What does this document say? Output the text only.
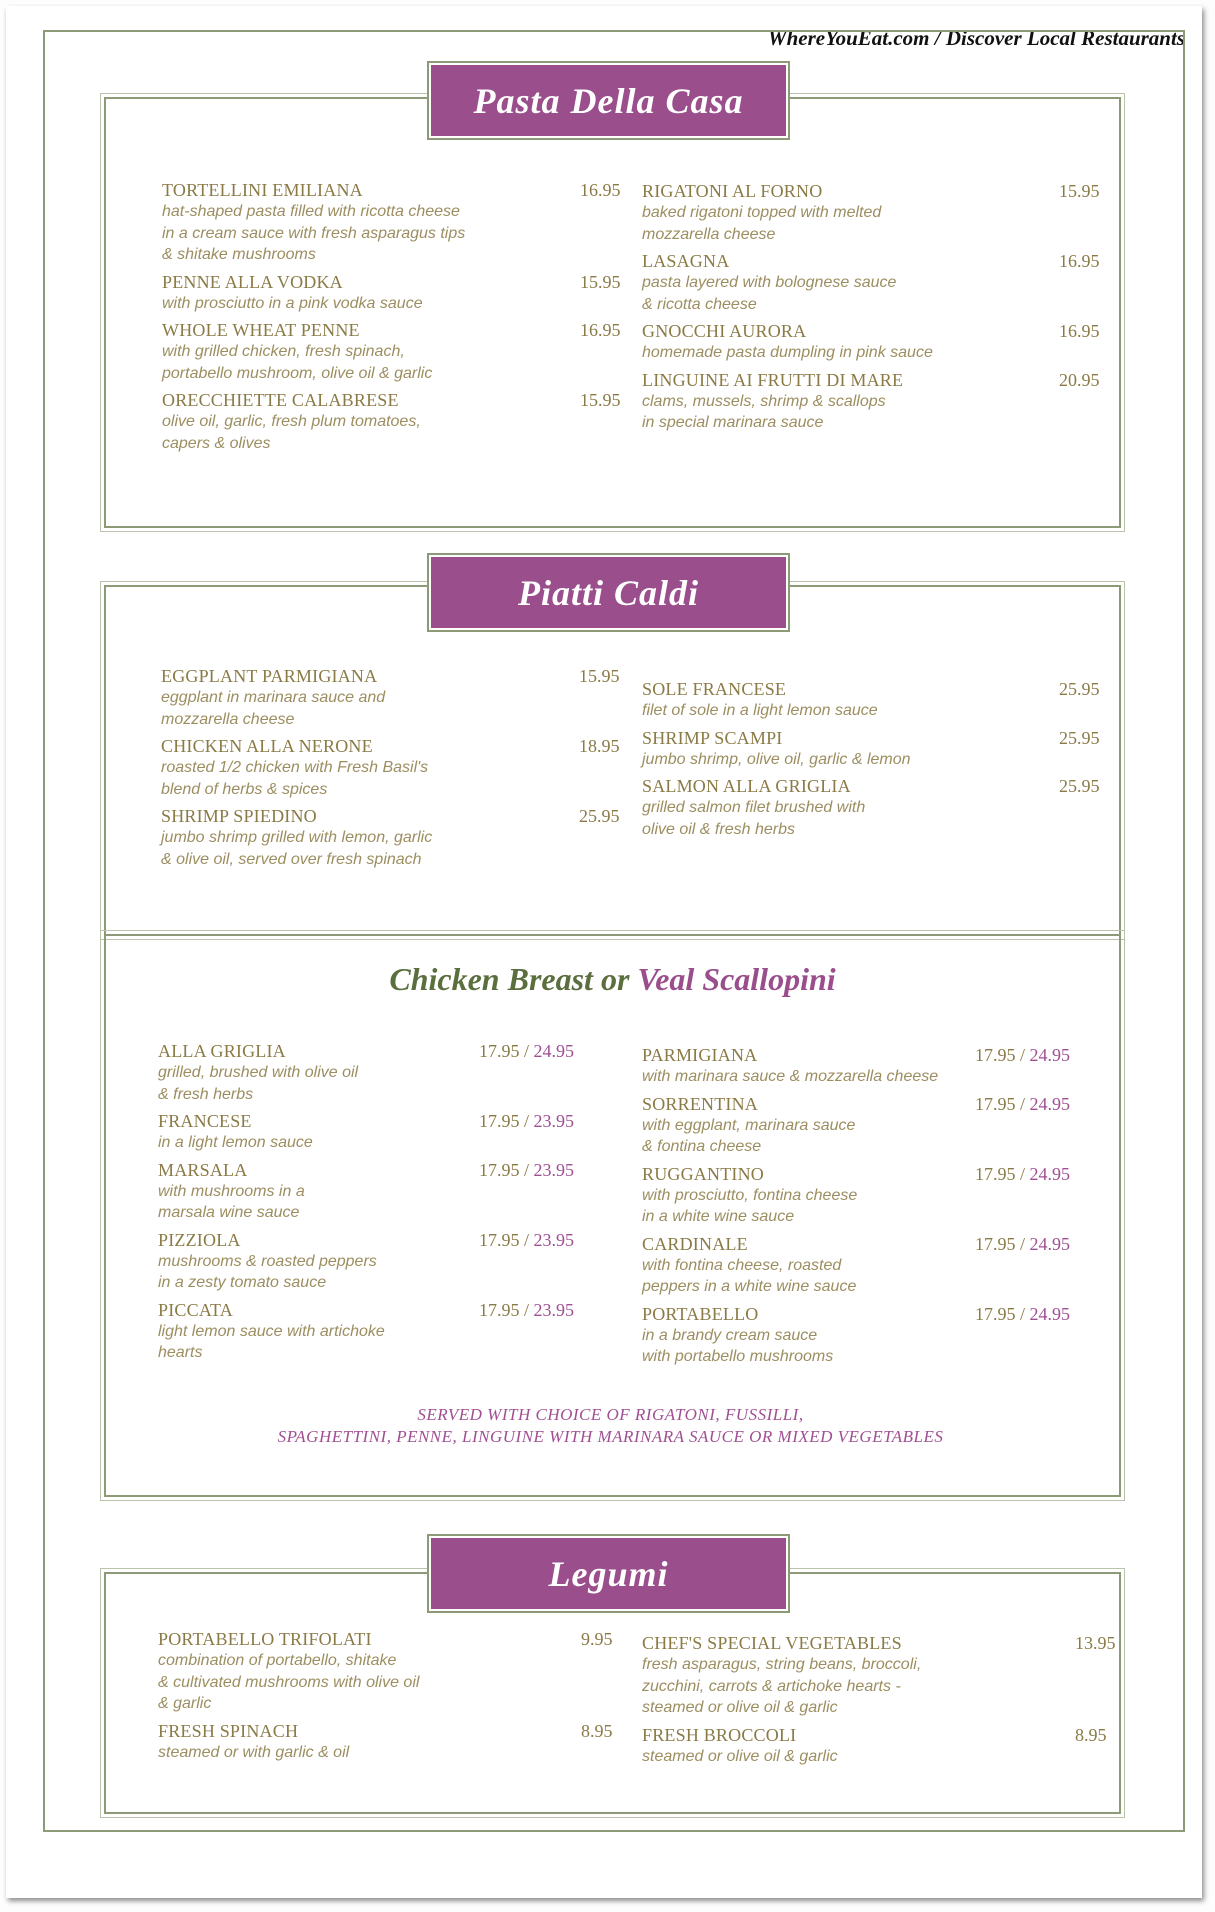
WhereYouEat.com / Discover Local Restaurants
Pasta Della Casa
TORTELLINI EMILIANA	16.95
hat-shaped pasta filled with ricotta cheese
in a cream sauce with fresh asparagus tips
& shitake mushrooms
PENNE ALLA VODKA	15.95
with prosciutto in a pink vodka sauce
WHOLE WHEAT PENNE	16.95
with grilled chicken, fresh spinach,
portabello mushroom, olive oil & garlic
ORECCHIETTE CALABRESE	15.95
olive oil, garlic, fresh plum tomatoes,
capers & olives
RIGATONI AL FORNO	15.95
baked rigatoni topped with melted
mozzarella cheese
LASAGNA	16.95
pasta layered with bolognese sauce
& ricotta cheese
GNOCCHI AURORA	16.95
homemade pasta dumpling in pink sauce
LINGUINE AI FRUTTI DI MARE	20.95
clams, mussels, shrimp & scallops
in special marinara sauce
Piatti Caldi
EGGPLANT PARMIGIANA	15.95
eggplant in marinara sauce and
mozzarella cheese
CHICKEN ALLA NERONE	18.95
roasted 1/2 chicken with Fresh Basil's
blend of herbs & spices
SHRIMP SPIEDINO	25.95
jumbo shrimp grilled with lemon, garlic
& olive oil, served over fresh spinach
SOLE FRANCESE	25.95
filet of sole in a light lemon sauce
SHRIMP SCAMPI	25.95
jumbo shrimp, olive oil, garlic & lemon
SALMON ALLA GRIGLIA	25.95
grilled salmon filet brushed with
olive oil & fresh herbs
Chicken Breast or Veal Scallopini
ALLA GRIGLIA	17.95 / 24.95
grilled, brushed with olive oil
& fresh herbs
FRANCESE	17.95 / 23.95
in a light lemon sauce
MARSALA	17.95 / 23.95
with mushrooms in a
marsala wine sauce
PIZZIOLA	17.95 / 23.95
mushrooms & roasted peppers
in a zesty tomato sauce
PICCATA	17.95 / 23.95
light lemon sauce with artichoke
hearts
PARMIGIANA	17.95 / 24.95
with marinara sauce & mozzarella cheese
SORRENTINA	17.95 / 24.95
with eggplant, marinara sauce
& fontina cheese
RUGGANTINO	17.95 / 24.95
with prosciutto, fontina cheese
in a white wine sauce
CARDINALE	17.95 / 24.95
with fontina cheese, roasted
peppers in a white wine sauce
PORTABELLO	17.95 / 24.95
in a brandy cream sauce
with portabello mushrooms
SERVED WITH CHOICE OF RIGATONI, FUSSILLI,
SPAGHETTINI, PENNE, LINGUINE WITH MARINARA SAUCE OR MIXED VEGETABLES
Legumi
PORTABELLO TRIFOLATI	9.95
combination of portabello, shitake
& cultivated mushrooms with olive oil
& garlic
FRESH SPINACH	8.95
steamed or with garlic & oil
CHEF'S SPECIAL VEGETABLES	13.95
fresh asparagus, string beans, broccoli,
zucchini, carrots & artichoke hearts -
steamed or olive oil & garlic
FRESH BROCCOLI	8.95
steamed or olive oil & garlic
